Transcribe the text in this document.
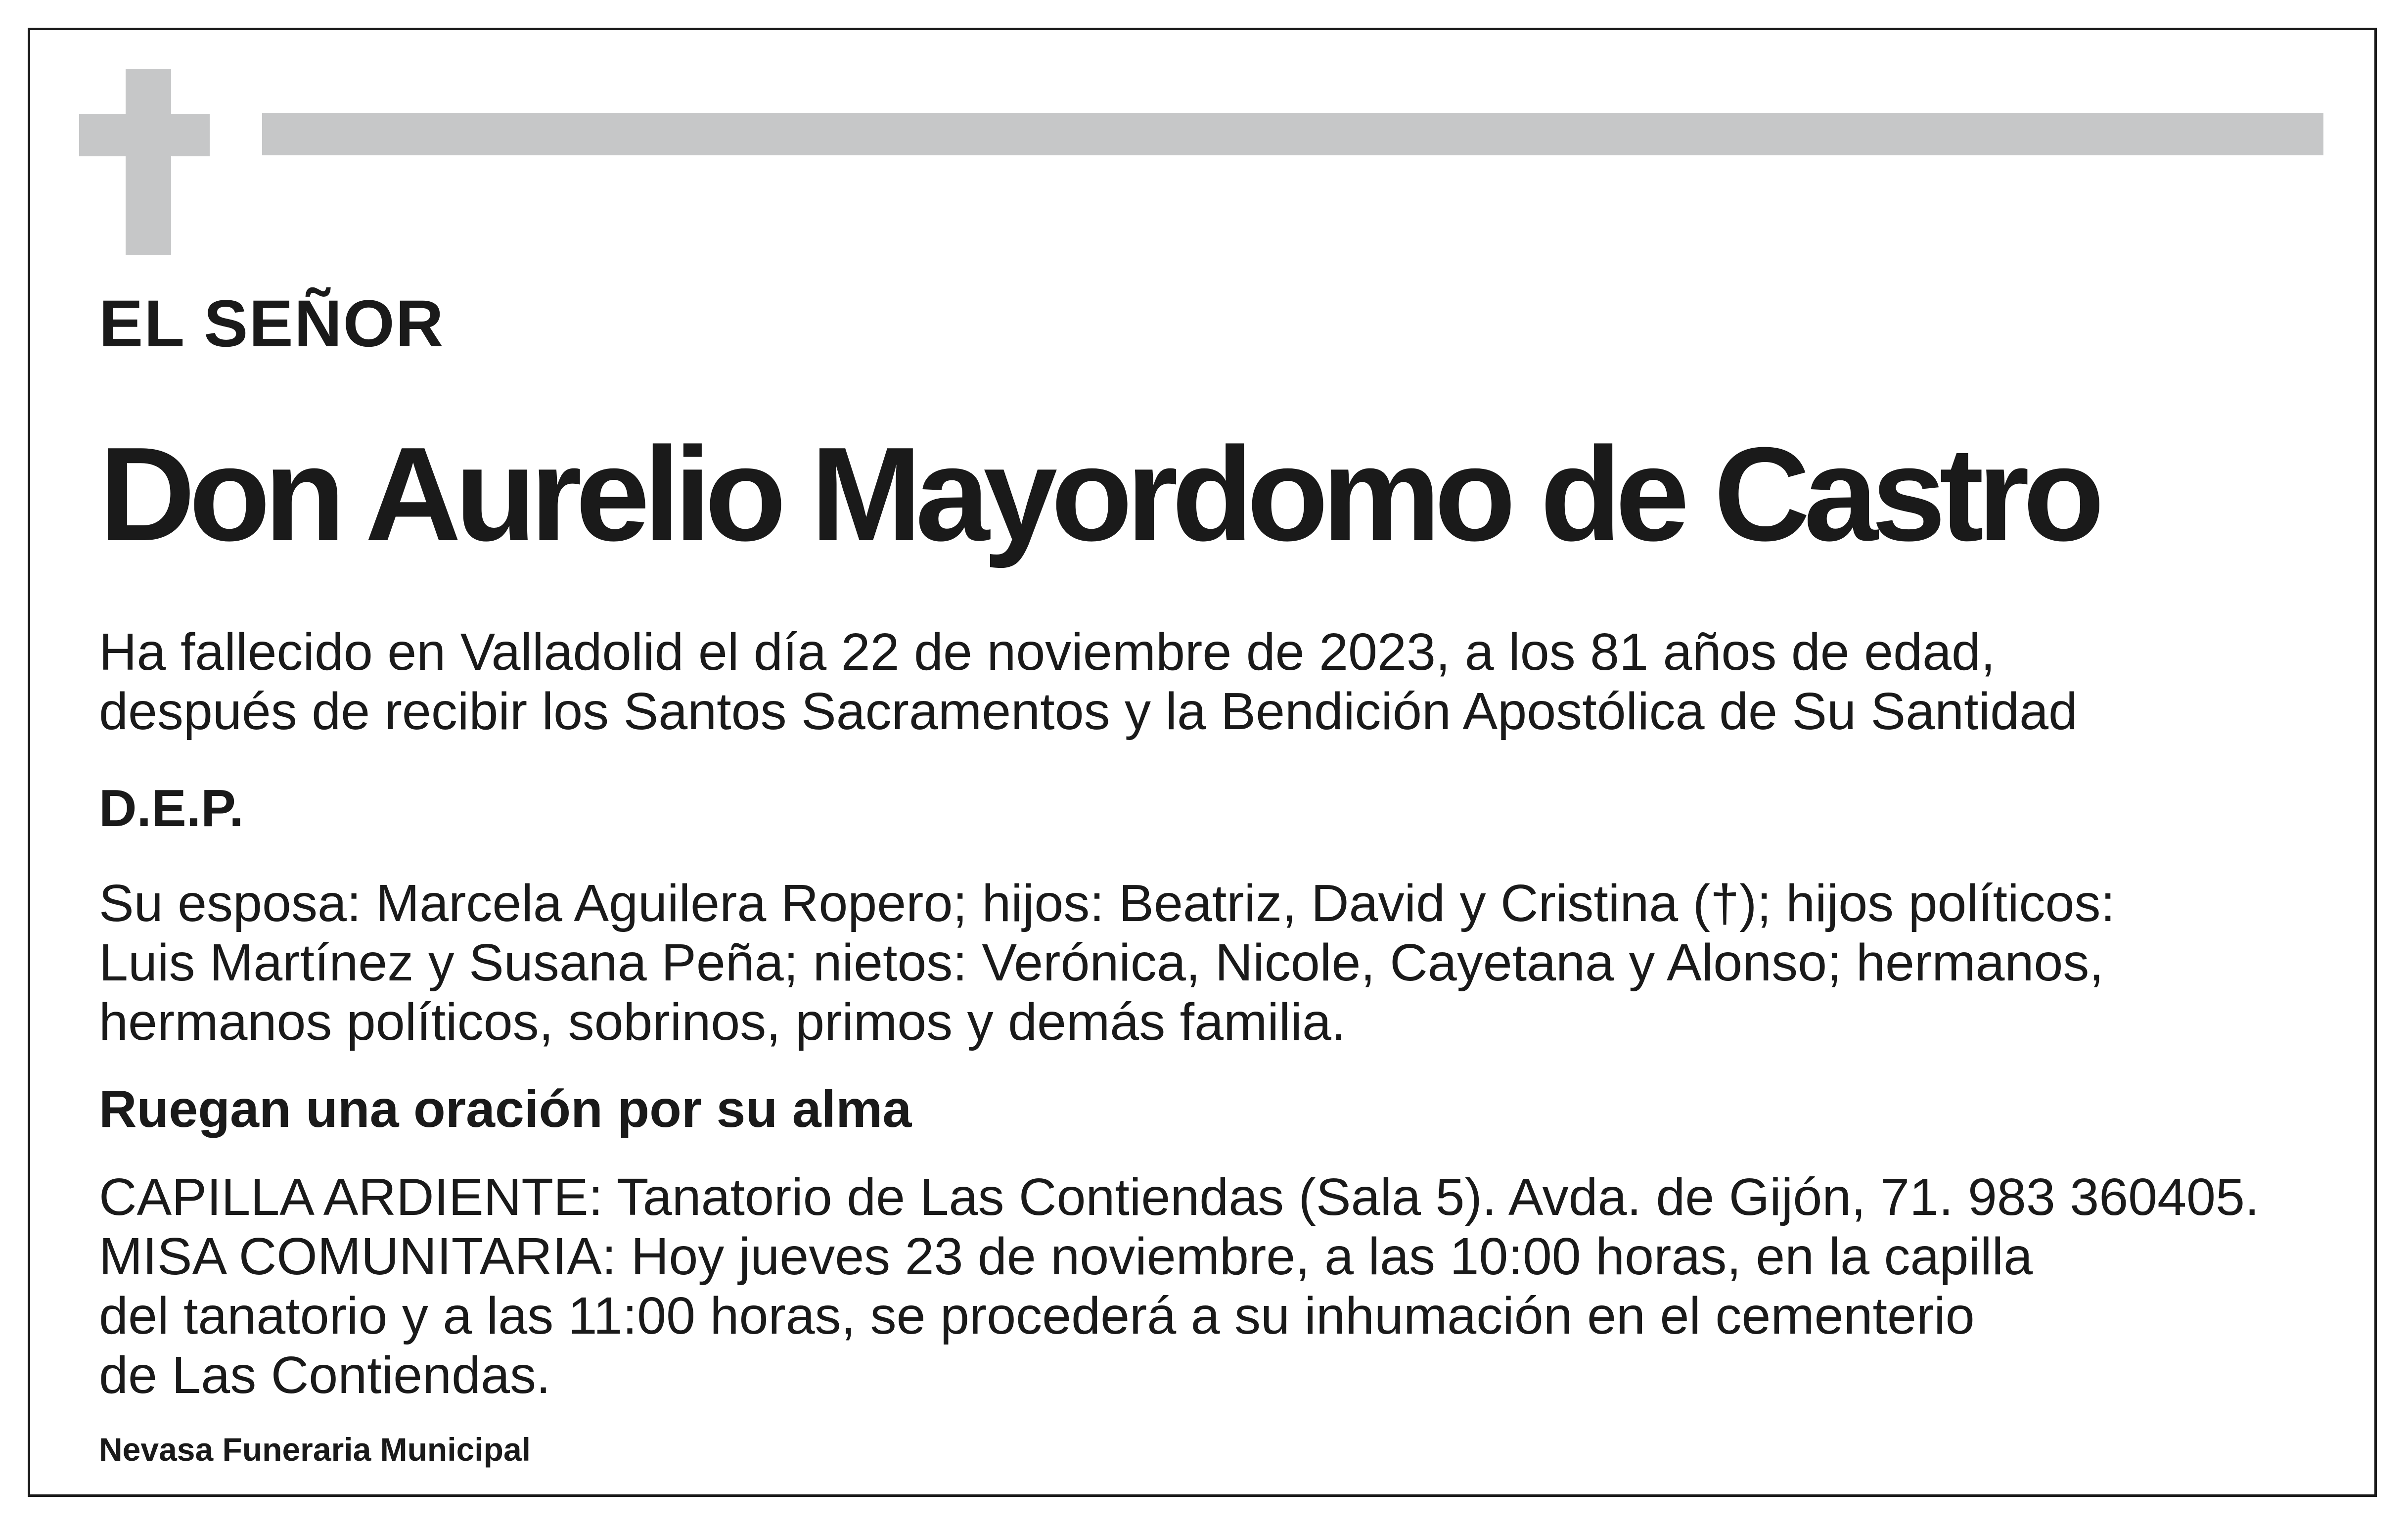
EL SEÑOR
Don Aurelio Mayordomo de Castro

Ha fallecido en Valladolid el día 22 de noviembre de 2023, a los 81 años de edad,
después de recibir los Santos Sacramentos y la Bendición Apostólica de Su Santidad

D.E.P.

Su esposa: Marcela Aguilera Ropero; hijos: Beatriz, David y Cristina (†); hijos políticos:
Luis Martínez y Susana Peña; nietos: Verónica, Nicole, Cayetana y Alonso; hermanos,
hermanos políticos, sobrinos, primos y demás familia.

Ruegan una oración por su alma

CAPILLA ARDIENTE: Tanatorio de Las Contiendas (Sala 5). Avda. de Gijón, 71. 983 360405.
MISA COMUNITARIA: Hoy jueves 23 de noviembre, a las 10:00 horas, en la capilla
del tanatorio y a las 11:00 horas, se procederá a su inhumación en el cementerio
de Las Contiendas.

Nevasa Funeraria Municipal
